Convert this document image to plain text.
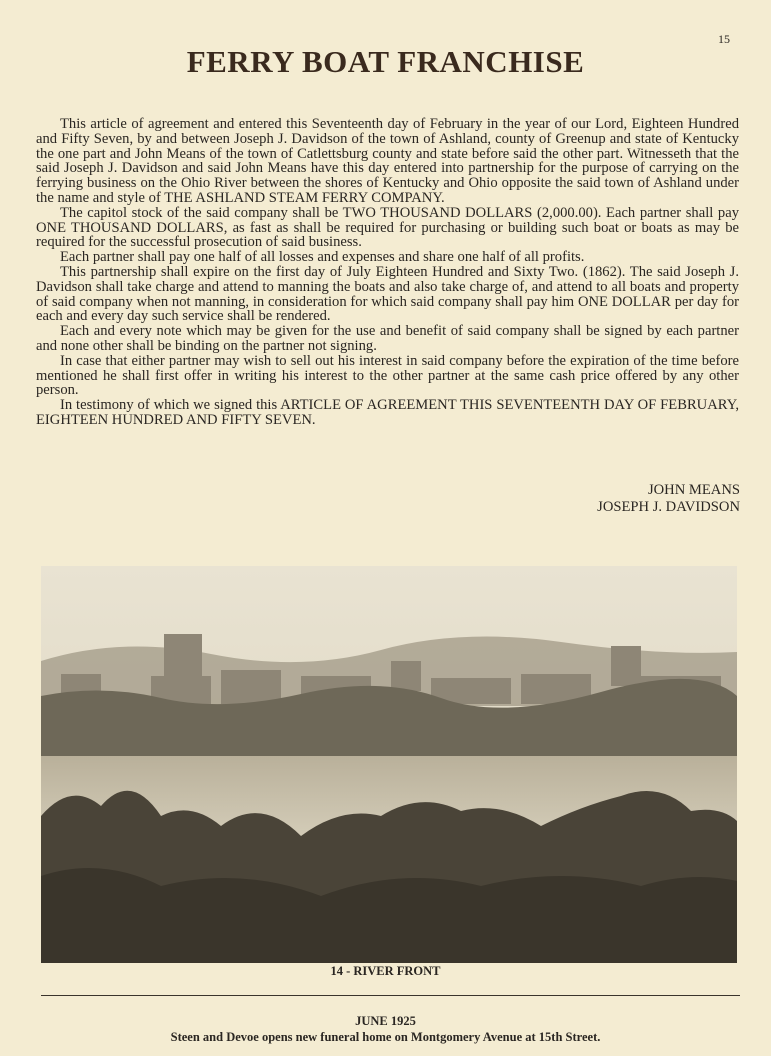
15
FERRY BOAT FRANCHISE

This article of agreement and entered this Seventeenth day of February in the year of our Lord, Eighteen Hundred and Fifty Seven, by and between Joseph J. Davidson of the town of Ashland, county of Greenup and state of Kentucky the one part and John Means of the town of Catlettsburg county and state before said the other part. Witnesseth that the said Joseph J. Davidson and said John Means have this day entered into partnership for the purpose of carrying on the ferrying business on the Ohio River between the shores of Kentucky and Ohio opposite the said town of Ashland under the name and style of THE ASHLAND STEAM FERRY COMPANY.

The capitol stock of the said company shall be TWO THOUSAND DOLLARS (2,000.00). Each partner shall pay ONE THOUSAND DOLLARS, as fast as shall be required for purchasing or building such boat or boats as may be required for the successful prosecution of said business.

Each partner shall pay one half of all losses and expenses and share one half of all profits.

This partnership shall expire on the first day of July Eighteen Hundred and Sixty Two. (1862). The said Joseph J. Davidson shall take charge and attend to manning the boats and also take charge of, and attend to all boats and property of said company when not manning, in consideration for which said company shall pay him ONE DOLLAR per day for each and every day such service shall be rendered.

Each and every note which may be given for the use and benefit of said company shall be signed by each partner and none other shall be binding on the partner not signing.

In case that either partner may wish to sell out his interest in said company before the expiration of the time before mentioned he shall first offer in writing his interest to the other partner at the same cash price offered by any other person.

In testimony of which we signed this ARTICLE OF AGREEMENT THIS SEVENTEENTH DAY OF FEBRUARY, EIGHTEEN HUNDRED AND FIFTY SEVEN.

JOHN MEANS
JOSEPH J. DAVIDSON
14 - RIVER FRONT
JUNE 1925
Steen and Devoe opens new funeral home on Montgomery Avenue at 15th Street.
